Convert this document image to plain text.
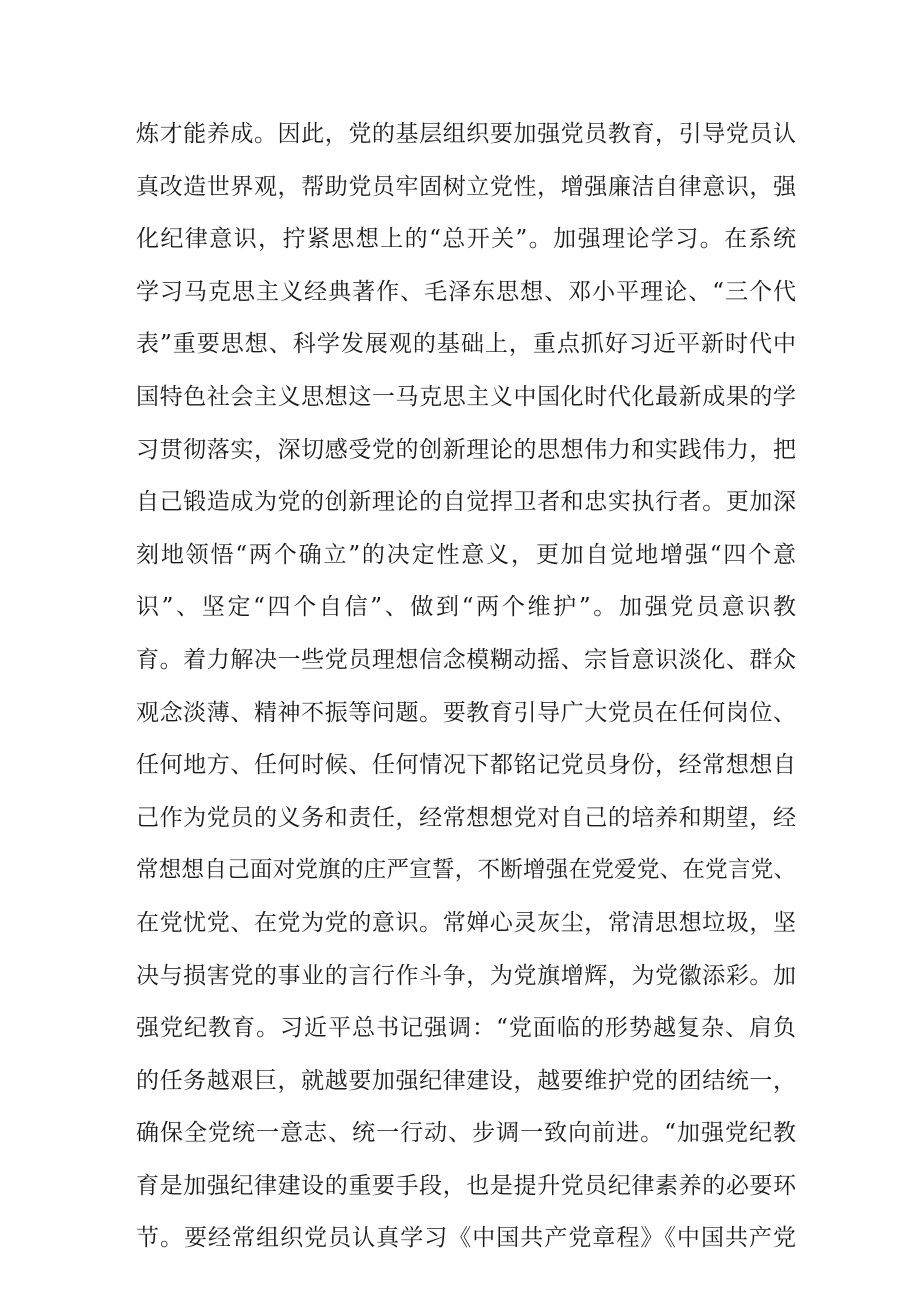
炼才能养成。因此，党的基层组织要加强党员教育，引导党员认
真改造世界观，帮助党员牢固树立党性，增强廉洁自律意识，强
化纪律意识，拧紧思想上的“总开关”。加强理论学习。在系统
学习马克思主义经典著作、毛泽东思想、邓小平理论、“三个代
表”重要思想、科学发展观的基础上，重点抓好习近平新时代中
国特色社会主义思想这一马克思主义中国化时代化最新成果的学
习贯彻落实，深切感受党的创新理论的思想伟力和实践伟力，把
自己锻造成为党的创新理论的自觉捍卫者和忠实执行者。更加深
刻地领悟“两个确立”的决定性意义，更加自觉地增强“四个意
识”、坚定“四个自信”、做到“两个维护”。加强党员意识教
育。着力解决一些党员理想信念模糊动摇、宗旨意识淡化、群众
观念淡薄、精神不振等问题。要教育引导广大党员在任何岗位、
任何地方、任何时候、任何情况下都铭记党员身份，经常想想自
己作为党员的义务和责任，经常想想党对自己的培养和期望，经
常想想自己面对党旗的庄严宣誓，不断增强在党爱党、在党言党、
在党忧党、在党为党的意识。常婵心灵灰尘，常清思想垃圾，坚
决与损害党的事业的言行作斗争，为党旗增辉，为党徽添彩。加
强党纪教育。习近平总书记强调：“党面临的形势越复杂、肩负
的任务越艰巨，就越要加强纪律建设，越要维护党的团结统一，
确保全党统一意志、统一行动、步调一致向前进。“加强党纪教
育是加强纪律建设的重要手段，也是提升党员纪律素养的必要环
节。要经常组织党员认真学习《中国共产党章程》《中国共产党
